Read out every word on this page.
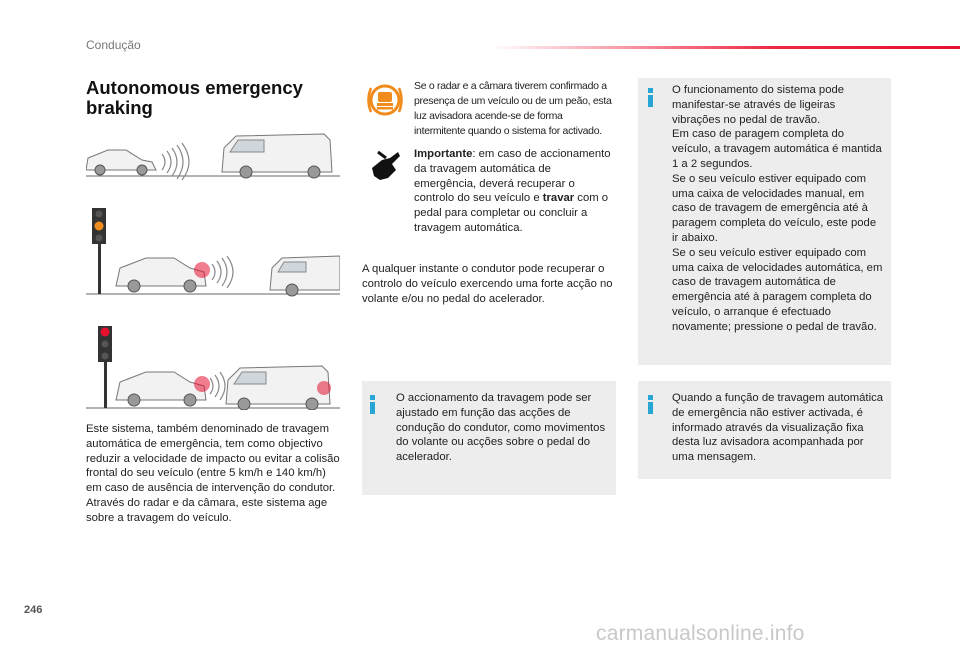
Condução
Autonomous emergency braking
Este sistema, também denominado de travagem automática de emergência, tem como objectivo reduzir a velocidade de impacto ou evitar a colisão frontal do seu veículo (entre 5 km/h e 140 km/h) em caso de ausência de intervenção do condutor.
Através do radar e da câmara, este sistema age sobre a travagem do veículo.
Se o radar e a câmara tiverem confirmado a presença de um veículo ou de um peão, esta luz avisadora acende-se de forma intermitente quando o sistema for activado.
Importante: em caso de accionamento da travagem automática de emergência, deverá recuperar o controlo do seu veículo e travar com o pedal para completar ou concluir a travagem automática.
A qualquer instante o condutor pode recuperar o controlo do veículo exercendo uma forte acção no volante e/ou no pedal do acelerador.
O accionamento da travagem pode ser ajustado em função das acções de condução do condutor, como movimentos do volante ou acções sobre o pedal do acelerador.
O funcionamento do sistema pode manifestar-se através de ligeiras vibrações no pedal de travão.
Em caso de paragem completa do veículo, a travagem automática é mantida 1 a 2 segundos.
Se o seu veículo estiver equipado com uma caixa de velocidades manual, em caso de travagem de emergência até à paragem completa do veículo, este pode ir abaixo.
Se o seu veículo estiver equipado com uma caixa de velocidades automática, em caso de travagem automática de emergência até à paragem completa do veículo, o arranque é efectuado novamente; pressione o pedal de travão.
Quando a função de travagem automática de emergência não estiver activada, é informado através da visualização fixa desta luz avisadora acompanhada por uma mensagem.
246
carmanualsonline.info
